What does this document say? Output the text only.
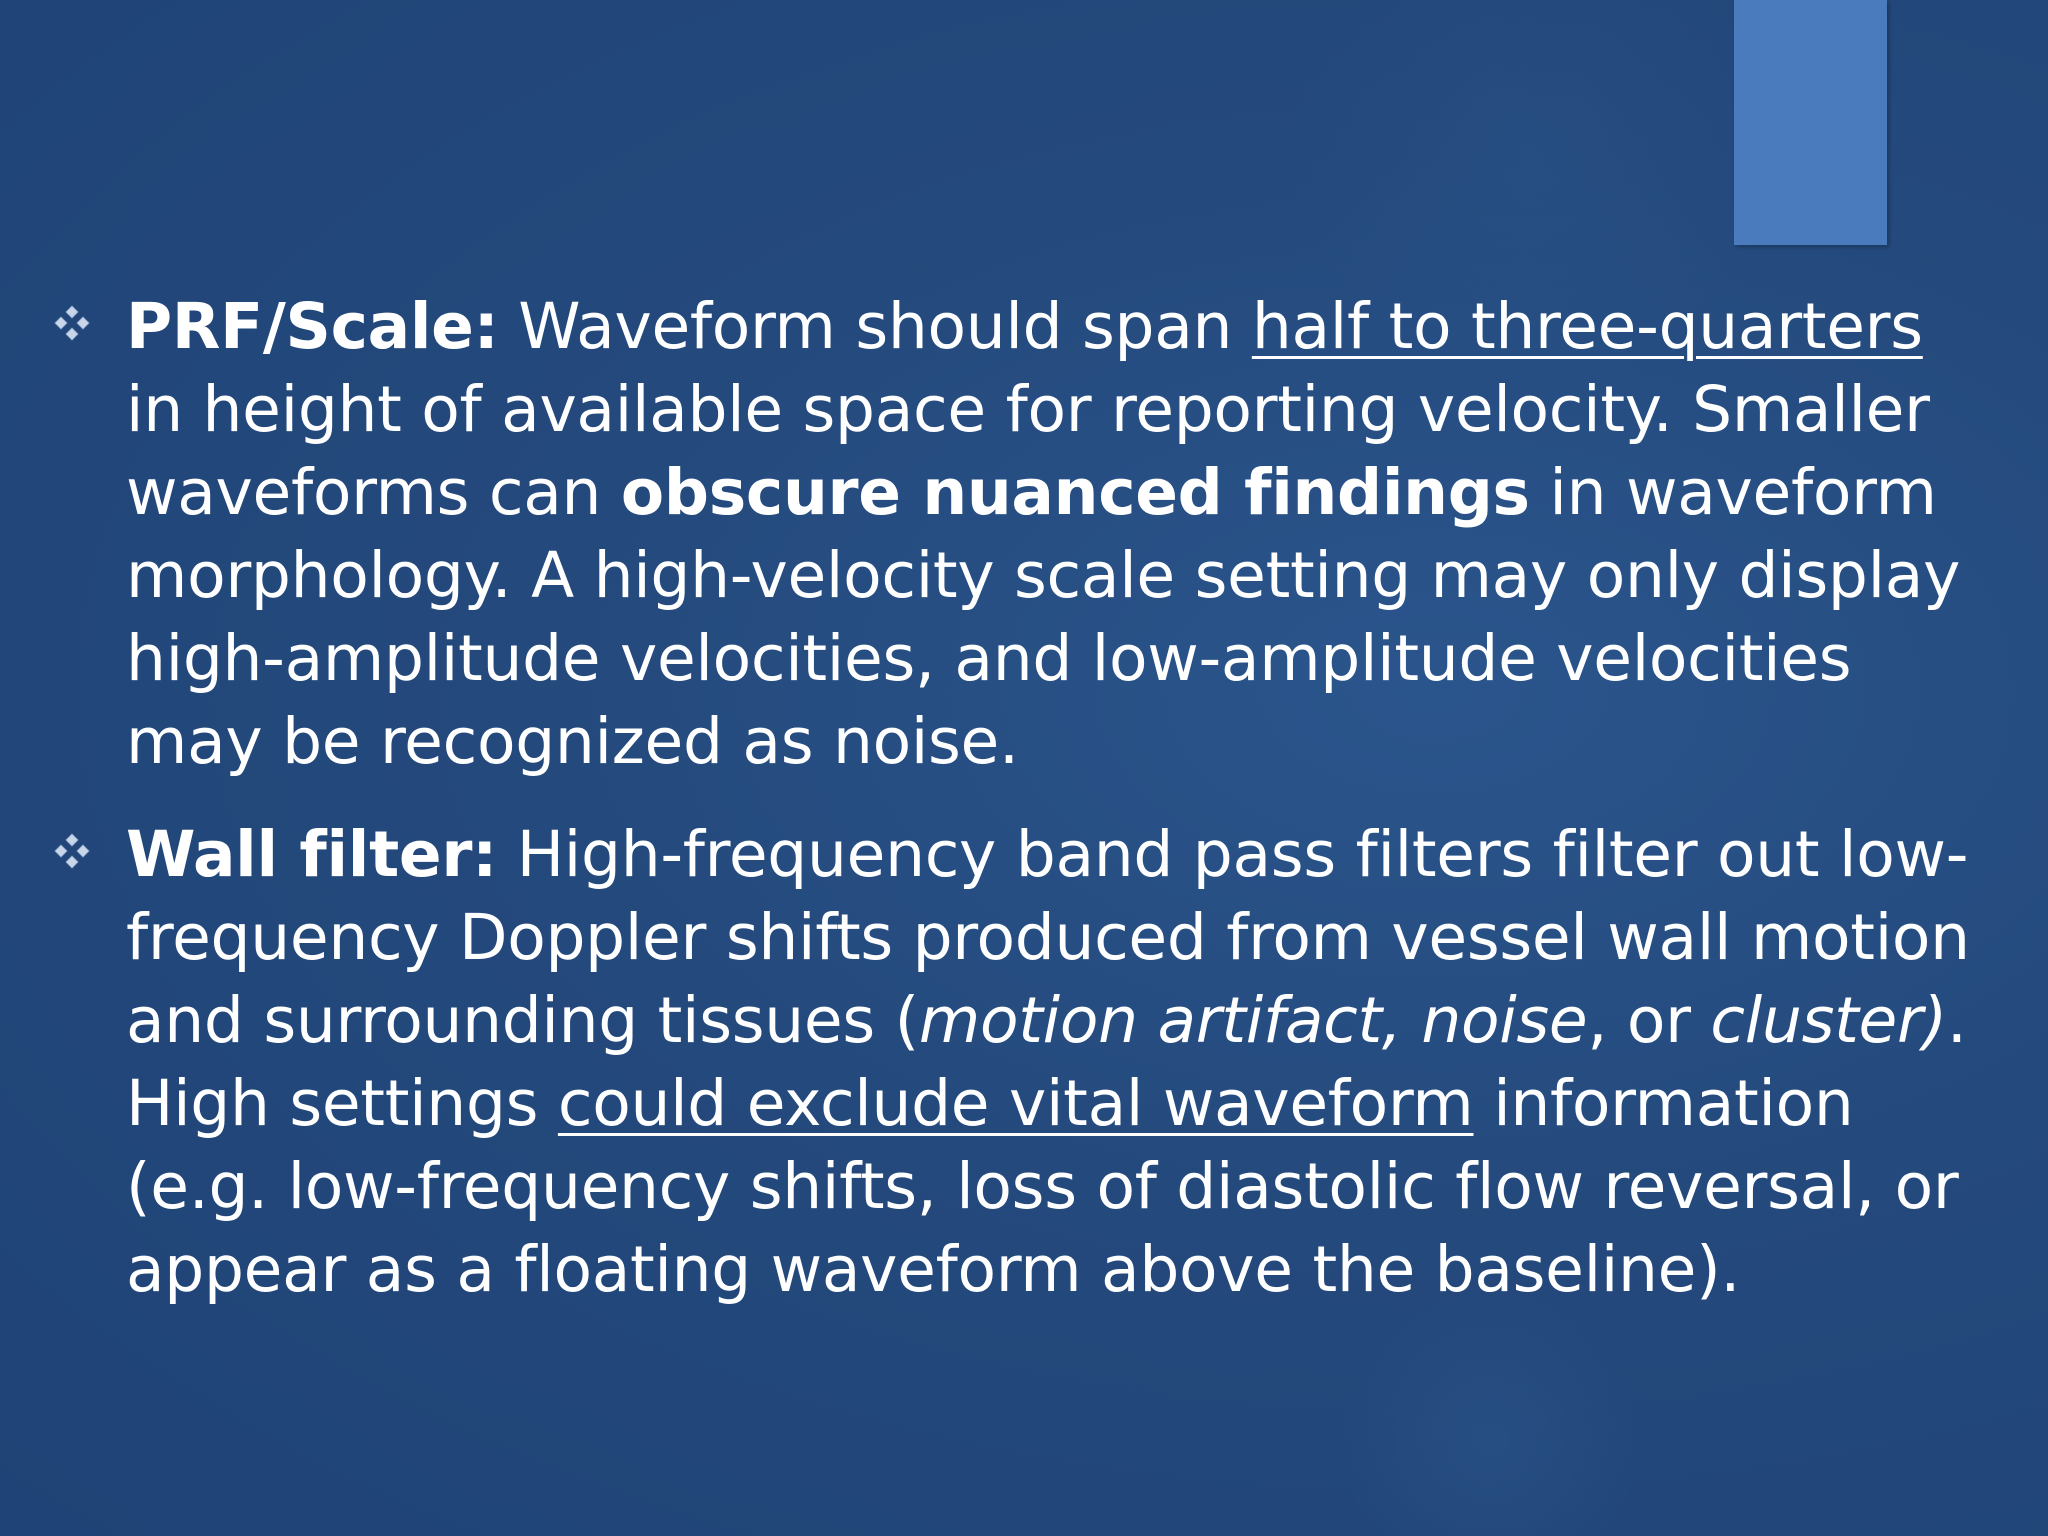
PRF/Scale: Waveform should span half to three-quarters in height of available space for reporting velocity. Smaller waveforms can obscure nuanced findings in waveform morphology. A high-velocity scale setting may only display high-amplitude velocities, and low-amplitude velocities may be recognized as noise.
Wall filter: High-frequency band pass filters filter out low-frequency Doppler shifts produced from vessel wall motion and surrounding tissues (motion artifact, noise, or cluster). High settings could exclude vital waveform information (e.g. low-frequency shifts, loss of diastolic flow reversal, or appear as a floating waveform above the baseline).
